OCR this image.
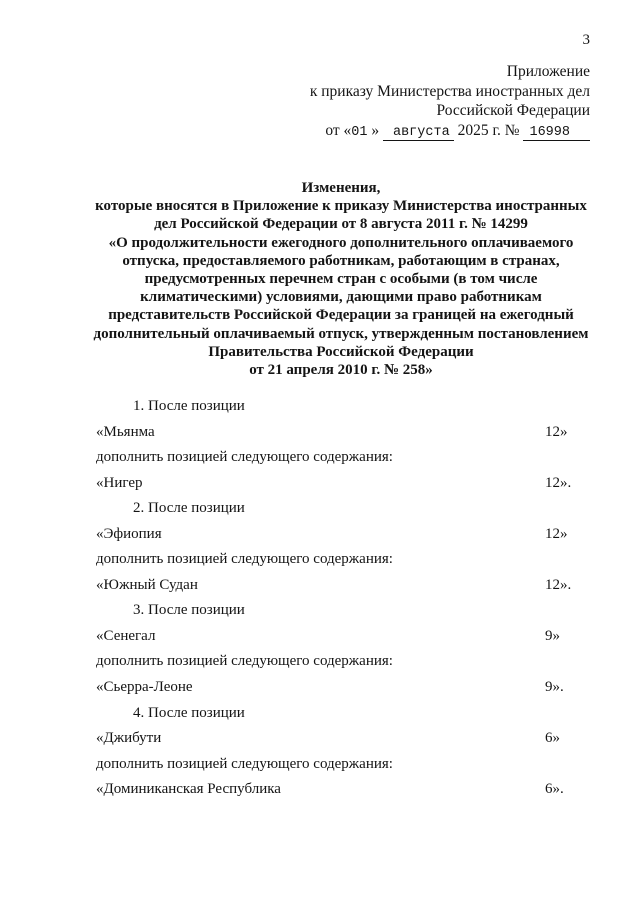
3
Приложение
к приказу Министерства иностранных дел
Российской Федерации
от «01 » августа 2025 г. № 16998
Изменения,
которые вносятся в Приложение к приказу Министерства иностранных
дел Российской Федерации от 8 августа 2011 г. № 14299
«О продолжительности ежегодного дополнительного оплачиваемого
отпуска, предоставляемого работникам, работающим в странах,
предусмотренных перечнем стран с особыми (в том числе
климатическими) условиями, дающими право работникам
представительств Российской Федерации за границей на ежегодный
дополнительный оплачиваемый отпуск, утвержденным постановлением
Правительства Российской Федерации
от 21 апреля 2010 г. № 258»
1. После позиции
«Мьянма	12»
дополнить позицией следующего содержания:
«Нигер	12».
2. После позиции
«Эфиопия	12»
дополнить позицией следующего содержания:
«Южный Судан	12».
3. После позиции
«Сенегал	9»
дополнить позицией следующего содержания:
«Сьерра-Леоне	9».
4. После позиции
«Джибути	6»
дополнить позицией следующего содержания:
«Доминиканская Республика	6».
